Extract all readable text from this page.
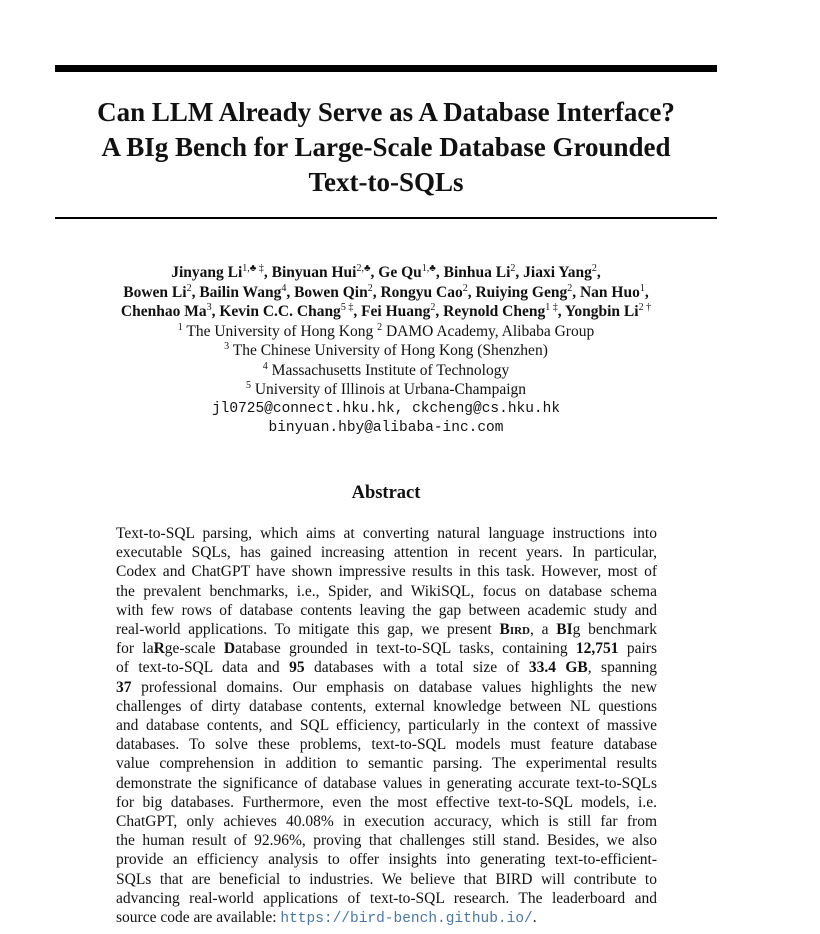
Can LLM Already Serve as A Database Interface?
A BIg Bench for Large-Scale Database Grounded
Text-to-SQLs
Jinyang $Li^{1,♣ \ddagger}$, Binyuan Hui$^{2,♣}$, Ge $Qu^{1,♣}$, Binhua Li$^2$, Jiaxi Yang$^2$,
Bowen Li$^2$, Bailin Wang$^4$, Bowen Qin$^2$, Rongyu Cao$^2$, Ruiying Geng$^2$, Nan Huo$^1$,
Chenhao Ma$^3$, Kevin C.C. Chang$^{5 \ddagger}$, Fei Huang$^2$, Reynold Cheng$^{1 \ddagger}$, Yongbin $Li^{2 \dagger}$
$^1$ The University of Hong Kong $^2$ DAMO Academy, Alibaba Group
$^3$ The Chinese University of Hong Kong (Shenzhen)
$^4$ Massachusetts Institute of Technology
$^5$ University of Illinois at Urbana-Champaign
jl0725@connect.hku.hk, ckcheng@cs.hku.hk
binyuan.hby@alibaba-inc.com
Abstract
Text-to-SQL parsing, which aims at converting natural language instructions into
executable SQLs, has gained increasing attention in recent years. In particular,
Codex and ChatGPT have shown impressive results in this task. However, most of
the prevalent benchmarks, i.e., Spider, and WikiSQL, focus on database schema
with few rows of database contents leaving the gap between academic study and
real-world applications. To mitigate this gap, we present Bird, a BIg benchmark
for laRge-scale Database grounded in text-to-SQL tasks, containing 12,751 pairs
of text-to-SQL data and 95 databases with a total size of 33.4 GB, spanning
37 professional domains. Our emphasis on database values highlights the new
challenges of dirty database contents, external knowledge between NL questions
and database contents, and SQL efficiency, particularly in the context of massive
databases. To solve these problems, text-to-SQL models must feature database
value comprehension in addition to semantic parsing. The experimental results
demonstrate the significance of database values in generating accurate text-to-SQLs
for big databases. Furthermore, even the most effective text-to-SQL models, i.e.
ChatGPT, only achieves 40.08% in execution accuracy, which is still far from
the human result of 92.96%, proving that challenges still stand. Besides, we also
provide an efficiency analysis to offer insights into generating text-to-efficient-
SQLs that are beneficial to industries. We believe that BIRD will contribute to
advancing real-world applications of text-to-SQL research. The leaderboard and
source code are available: https://bird-bench.github.io/.
